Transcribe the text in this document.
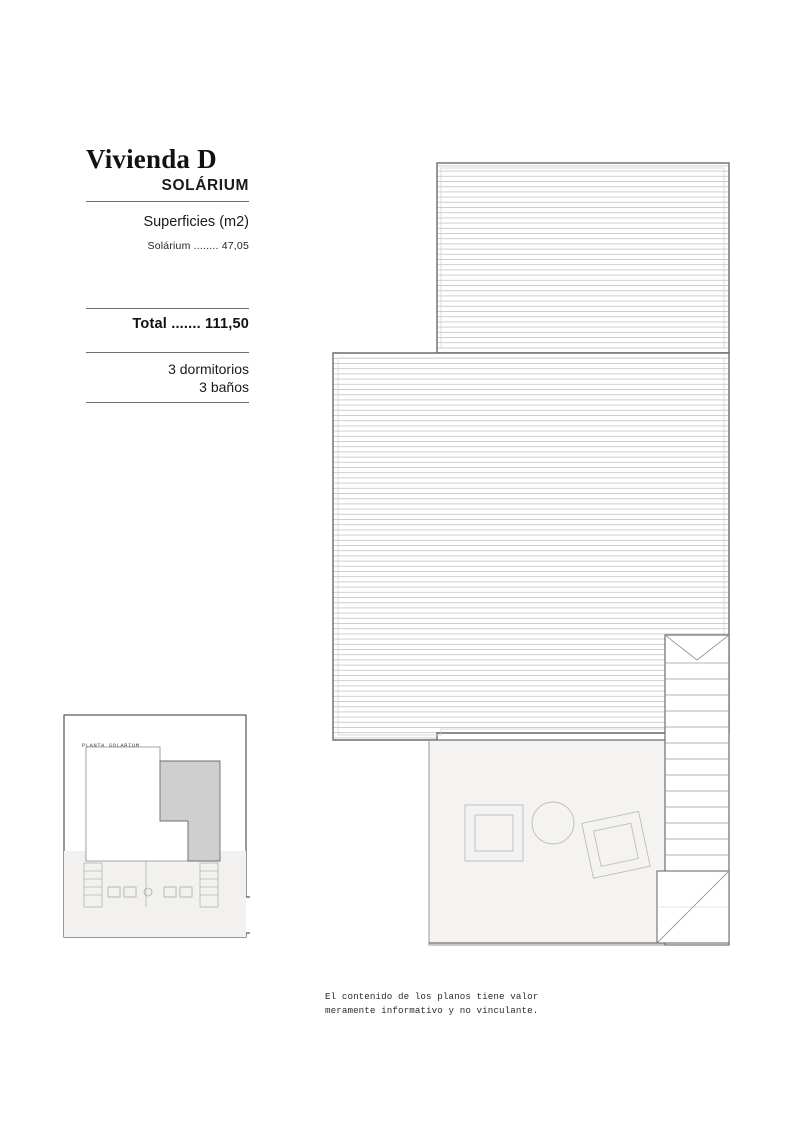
Vivienda D
SOLÁRIUM
Superficies (m2)
Solárium ........ 47,05
Total ....... 111,50
3 dormitorios
3 baños
PLANTA SOLARIUM
El contenido de los planos tiene valor
meramente informativo y no vinculante.
